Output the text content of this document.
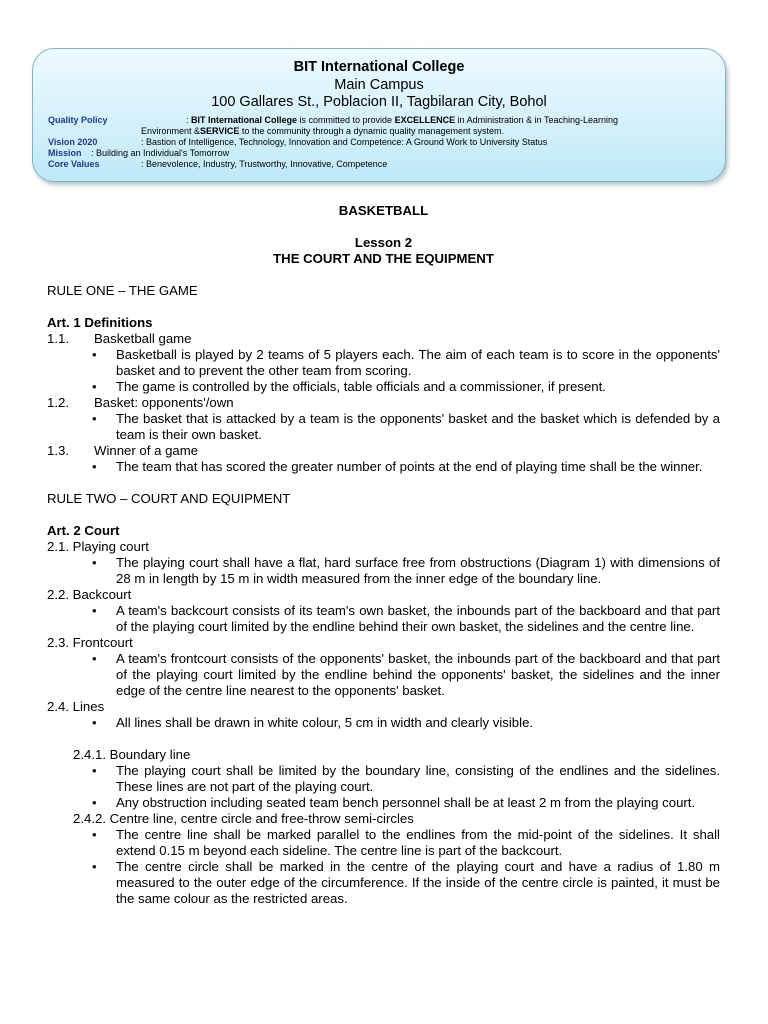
BIT International College
Main Campus
100 Gallares St., Poblacion II, Tagbilaran City, Bohol
Quality Policy	: BIT International College is committed to provide EXCELLENCE in Administration & in Teaching-Learning
Environment &SERVICE to the community through a dynamic quality management system.
Vision 2020	: Bastion of Intelligence, Technology, Innovation and Competence: A Ground Work to University Status
Mission : Building an Individual's Tomorrow
Core Values	: Benevolence, Industry, Trustworthy, Innovative, Competence
BASKETBALL
Lesson 2
THE COURT AND THE EQUIPMENT
RULE ONE – THE GAME
Art. 1 Definitions
1.1. Basketball game
• Basketball is played by 2 teams of 5 players each. The aim of each team is to score in the opponents' basket and to prevent the other team from scoring.
• The game is controlled by the officials, table officials and a commissioner, if present.
1.2. Basket: opponents'/own
• The basket that is attacked by a team is the opponents' basket and the basket which is defended by a team is their own basket.
1.3. Winner of a game
• The team that has scored the greater number of points at the end of playing time shall be the winner.
RULE TWO – COURT AND EQUIPMENT
Art. 2 Court
2.1. Playing court
• The playing court shall have a flat, hard surface free from obstructions (Diagram 1) with dimensions of 28 m in length by 15 m in width measured from the inner edge of the boundary line.
2.2. Backcourt
• A team's backcourt consists of its team's own basket, the inbounds part of the backboard and that part of the playing court limited by the endline behind their own basket, the sidelines and the centre line.
2.3. Frontcourt
• A team's frontcourt consists of the opponents' basket, the inbounds part of the backboard and that part of the playing court limited by the endline behind the opponents' basket, the sidelines and the inner edge of the centre line nearest to the opponents' basket.
2.4. Lines
• All lines shall be drawn in white colour, 5 cm in width and clearly visible.
2.4.1. Boundary line
• The playing court shall be limited by the boundary line, consisting of the endlines and the sidelines. These lines are not part of the playing court.
• Any obstruction including seated team bench personnel shall be at least 2 m from the playing court.
2.4.2. Centre line, centre circle and free-throw semi-circles
• The centre line shall be marked parallel to the endlines from the mid-point of the sidelines. It shall extend 0.15 m beyond each sideline. The centre line is part of the backcourt.
• The centre circle shall be marked in the centre of the playing court and have a radius of 1.80 m measured to the outer edge of the circumference. If the inside of the centre circle is painted, it must be the same colour as the restricted areas.
